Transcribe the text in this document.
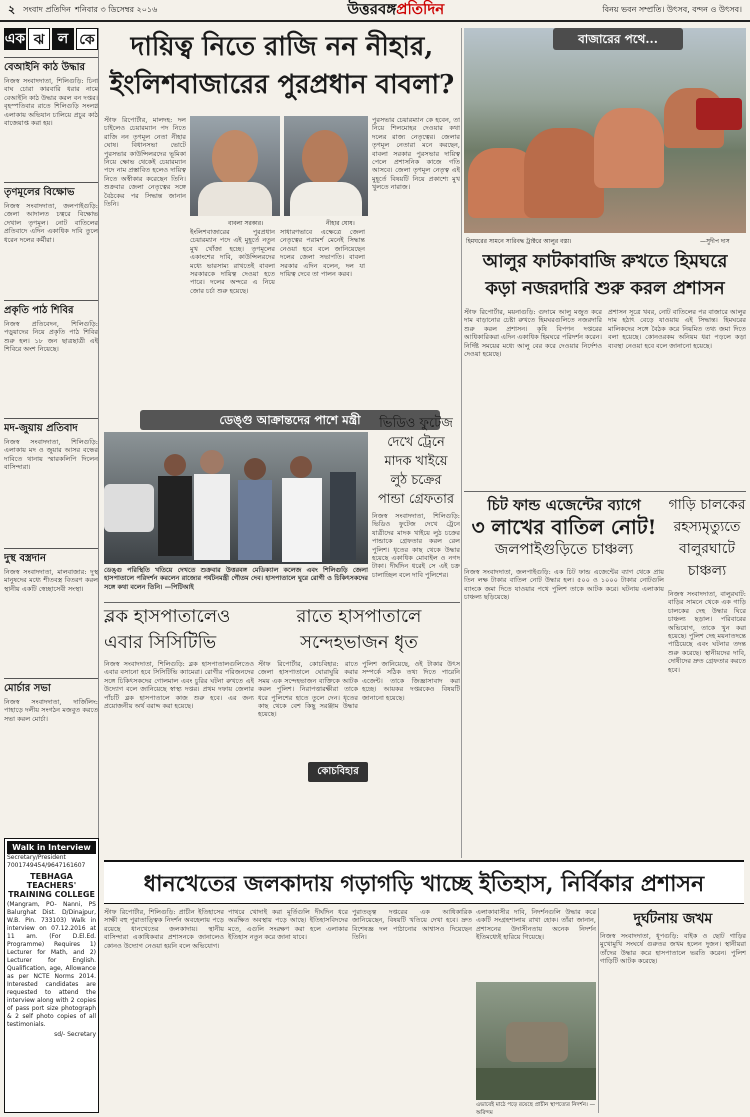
২	সংবাদ প্রতিদিন শনিবার ৩ ডিসেম্বর ২০১৬	উত্তরবঙ্গপ্রতিদিন	বিনয় ভবন সম্প্রতি। উৎসব, বন্দন ও উৎসব।
এক ঝ ল কে
বেআইনি কাঠ উদ্ধার
নিজস্ব সংবাদদাতা, শিলিগুড়ি: চিনা বাঘ চোরা কারবারি ধরার নামে বেআইনি কাঠ উদ্ধার করল বন দপ্তর। বৃহস্পতিবার রাতে শিলিগুড়ি সংলগ্ন এলাকায় অভিযান চালিয়ে প্রচুর কাঠ বাজেয়াপ্ত করা হয়।
তৃণমূলের বিক্ষোভ
নিজস্ব সংবাদদাতা, জলপাইগুড়ি: জেলা আদালত চত্বরে বিক্ষোভ দেখাল তৃণমূল। নোট বাতিলের প্রতিবাদে এদিন একাধিক দাবি তুলে ধরেন দলের কর্মীরা।
প্রকৃতি পাঠ শিবির
নিজস্ব প্রতিবেদন, শিলিগুড়ি: পড়ুয়াদের নিয়ে প্রকৃতি পাঠ শিবির শুরু হল। ১৮ জন ছাত্রছাত্রী এই শিবিরে অংশ নিয়েছে।
মদ-জুয়ায় প্রতিবাদ
নিজস্ব সংবাদদাতা, শিলিগুড়ি: এলাকায় মদ ও জুয়ার আসর বন্ধের দাবিতে থানায় স্মারকলিপি দিলেন বাসিন্দারা।
দুস্থ বস্ত্রদান
নিজস্ব সংবাদদাতা, মালবাজার: দুস্থ মানুষদের মধ্যে শীতবস্ত্র বিতরণ করল স্থানীয় একটি স্বেচ্ছাসেবী সংস্থা।
মোর্চার সভা
নিজস্ব সংবাদদাতা, দার্জিলিং: পাহাড়ে দলীয় সংগঠন মজবুত করতে সভা করল মোর্চা।
Walk in Interview
Secretary/President
7001749454/9647161607
TEBHAGA TEACHERS' TRAINING COLLEGE
(Mangram, PO- Nanni, PS Balurghat Dist. D/Dinajpur, W.B. Pin. 733103) Walk in interview on 07.12.2016 at 11 am. (For D.El.Ed. Programme) Requires 1) Lecturer for Math, and 2) Lecturer for English. Qualification, age, Allowance as per NCTE Norms 2014. Interested candidates are requested to attend the interview along with 2 copies of pass port size photograph & 2 self photo copies of all testimonials.
sd/- Secretary
দায়িত্ব নিতে রাজি নন নীহার,
ইংলিশবাজারের পুরপ্রধান বাবলা?
স্টাফ রিপোর্টার, মালদহ: দল চাইলেও চেয়ারম্যান পদ নিতে রাজি নন তৃণমূল নেতা নীহার ঘোষ। বিধানসভা ভোটে পুরসভার কাউন্সিলরদের ভূমিকা নিয়ে ক্ষোভ থেকেই চেয়ারম্যান পদে নাম প্রস্তাবিত হলেও দায়িত্ব নিতে অস্বীকার করেছেন তিনি। শুক্রবার জেলা নেতৃত্বের সঙ্গে বৈঠকের পর সিদ্ধান্ত জানান তিনি।
বাবলা সরকার।	নীহার ঘোষ।
ইংলিশবাজারের পুরপ্রধান চেয়ারম্যান পদে এই মুহূর্তে নতুন মুখ খোঁজা হচ্ছে। তৃণমূলের একাংশের দাবি, কাউন্সিলরদের মধ্যে ভারসাম্য রাখতেই বাবলা সরকারকে দায়িত্ব দেওয়া হতে পারে। দলের অন্দরে এ নিয়ে জোর চর্চা শুরু হয়েছে।
সাধারণভাবে এক্ষেত্রে জেলা নেতৃত্বের পরামর্শ মেনেই সিদ্ধান্ত নেওয়া হবে বলে জানিয়েছেন দলের জেলা সভাপতি। বাবলা সরকার এদিন বলেন, দল যা দায়িত্ব দেবে তা পালন করব।
পুরসভার চেয়ারম্যান কে হবেন, তা নিয়ে শিলমোহর দেওয়ার কথা দলের রাজ্য নেতৃত্বের। জেলার তৃণমূল নেতারা মনে করছেন, বাবলা সরকার পুরসভার দায়িত্ব পেলে প্রশাসনিক কাজে গতি আসবে। জেলা তৃণমূল নেতৃত্ব এই মুহূর্তে বিষয়টি নিয়ে প্রকাশ্যে মুখ খুলতে নারাজ।
ডেঙ্গু আক্রান্তদের পাশে মন্ত্রী
ডেঙ্গু পরিস্থিতি খতিয়ে দেখতে শুক্রবার উত্তরবঙ্গ মেডিক্যাল কলেজ এবং শিলিগুড়ি জেলা হাসপাতালে পরিদর্শন করলেন রাজ্যের পর্যটনমন্ত্রী গৌতম দেব। হাসপাতালে ঘুরে রোগী ও চিকিৎসকদের সঙ্গে কথা বলেন তিনি। —পিটিআই
ভিডিও ফুটেজ
দেখে ট্রেনে
মাদক খাইয়ে
লুঠ চক্রের
পান্ডা গ্রেফতার
নিজস্ব সংবাদদাতা, শিলিগুড়ি: ভিডিও ফুটেজ দেখে ট্রেনে যাত্রীদের মাদক খাইয়ে লুঠ চক্রের পান্ডাকে গ্রেফতার করল রেল পুলিশ। ধৃতের কাছ থেকে উদ্ধার হয়েছে একাধিক মোবাইল ও নগদ টাকা। দীর্ঘদিন ধরেই সে এই চক্র চালাচ্ছিল বলে দাবি পুলিশের।
ব্লক হাসপাতালেও
এবার সিসিটিভি
নিজস্ব সংবাদদাতা, শিলিগুড়ি: ব্লক হাসপাতালগুলিতেও এবার বসানো হবে সিসিটিভি ক্যামেরা। রোগীর পরিজনদের সঙ্গে চিকিৎসকদের গোলমাল এবং চুরির ঘটনা রুখতে এই উদ্যোগ বলে জানিয়েছে স্বাস্থ্য দপ্তর। প্রথম দফায় জেলার পাঁচটি ব্লক হাসপাতালে কাজ শুরু হবে। এর জন্য প্রয়োজনীয় অর্থ বরাদ্দ করা হয়েছে।
রাতে হাসপাতালে
সন্দেহভাজন ধৃত
স্টাফ রিপোর্টার, কোচবিহার: রাতে জেলা হাসপাতালে ঘোরাঘুরি করার সময় এক সন্দেহভাজন ব্যক্তিকে আটক করল পুলিশ। নিরাপত্তারক্ষীরা তাকে ধরে পুলিশের হাতে তুলে দেন। ধৃতের কাছ থেকে বেশ কিছু সরঞ্জাম উদ্ধার হয়েছে।
কোচবিহার
পুলিশ জানিয়েছে, ওই টাকার উৎস সম্পর্কে সঠিক তথ্য দিতে পারেনি এজেন্ট। তাকে জিজ্ঞাসাবাদ করা হচ্ছে। আয়কর দপ্তরকেও বিষয়টি জানানো হয়েছে।
বাজারের পথে...
হিমঘরের সামনে সারিবদ্ধ ট্রাক্টরে আলুর বস্তা।	—সুদীপ দাস
আলুর ফাটকাবাজি রুখতে হিমঘরে
কড়া নজরদারি শুরু করল প্রশাসন
স্টাফ রিপোর্টার, ময়নাগুড়ি: গুদামে আলু মজুত করে দাম বাড়ানোর চেষ্টা রুখতে হিমঘরগুলিতে নজরদারি শুরু করল প্রশাসন। কৃষি বিপণন দপ্তরের আধিকারিকরা এদিন একাধিক হিমঘরে পরিদর্শন করেন। নির্দিষ্ট সময়ের মধ্যে আলু বের করে দেওয়ার নির্দেশও দেওয়া হয়েছে।
প্রশাসন সূত্রে খবর, নোট বাতিলের পর বাজারে আলুর দাম হঠাৎ বেড়ে যাওয়ায় এই সিদ্ধান্ত। হিমঘরের মালিকদের সঙ্গে বৈঠক করে নিয়মিত তথ্য জমা দিতে বলা হয়েছে। কোনওরকম অনিয়ম ধরা পড়লে কড়া ব্যবস্থা নেওয়া হবে বলে জানানো হয়েছে।
চিট ফান্ড এজেন্টের ব্যাগে
৩ লাখের বাতিল নোট!
জলপাইগুড়িতে চাঞ্চল্য
নিজস্ব সংবাদদাতা, জলপাইগুড়ি: এক চিট ফান্ড এজেন্টের ব্যাগ থেকে প্রায় তিন লক্ষ টাকার বাতিল নোট উদ্ধার হল। ৫০০ ও ১০০০ টাকার নোটগুলি ব্যাংকে জমা দিতে যাওয়ার পথে পুলিশ তাকে আটক করে। ঘটনায় এলাকায় চাঞ্চল্য ছড়িয়েছে।
গাড়ি চালকের
রহস্যমৃত্যুতে
বালুরঘাটে
চাঞ্চল্য
নিজস্ব সংবাদদাতা, বালুরঘাট: বাড়ির সামনে থেকে এক গাড়ি চালকের দেহ উদ্ধার ঘিরে চাঞ্চল্য ছড়াল। পরিবারের অভিযোগ, তাকে খুন করা হয়েছে। পুলিশ দেহ ময়নাতদন্তে পাঠিয়েছে এবং ঘটনার তদন্ত শুরু করেছে। স্থানীয়দের দাবি, দোষীদের দ্রুত গ্রেফতার করতে হবে।
ধানখেতের জলকাদায় গড়াগড়ি খাচ্ছে ইতিহাস, নির্বিকার প্রশাসন
স্টাফ রিপোর্টার, শিলিগুড়ি: প্রাচীন ইতিহাসের সাক্ষী বহু পুরাতাত্ত্বিক নিদর্শন অবহেলায় পড়ে রয়েছে ধানখেতের জলকাদায়। স্থানীয় বাসিন্দারা একাধিকবার প্রশাসনকে জানালেও কোনও উদ্যোগ নেওয়া হয়নি বলে অভিযোগ।
পাথরে খোদাই করা মূর্তিগুলি দীর্ঘদিন ধরে অরক্ষিত অবস্থায় পড়ে আছে। ইতিহাসবিদদের মতে, এগুলি সংরক্ষণ করা হলে এলাকার ইতিহাস নতুন করে জানা যাবে।
পুরাতত্ত্ব দপ্তরের এক আধিকারিক জানিয়েছেন, বিষয়টি খতিয়ে দেখা হবে। দ্রুত বিশেষজ্ঞ দল পাঠানোর আশ্বাসও দিয়েছেন তিনি।
এলাকাবাসীর দাবি, নিদর্শনগুলি উদ্ধার করে একটি সংগ্রহশালায় রাখা হোক। তাঁরা জানান, প্রশাসনের উদাসীনতায় অনেক নিদর্শন ইতিমধ্যেই হারিয়ে গিয়েছে।
এভাবেই মাঠে পড়ে রয়েছে প্রাচীন স্থাপত্যের নিদর্শন। —অরিন্দম
দুর্ঘটনায় জখম
নিজস্ব সংবাদদাতা, ধূপগুড়ি: বাইক ও ছোট গাড়ির মুখোমুখি সংঘর্ষে গুরুতর জখম হলেন দুজন। স্থানীয়রা তাঁদের উদ্ধার করে হাসপাতালে ভরতি করেন। পুলিশ গাড়িটি আটক করেছে।
